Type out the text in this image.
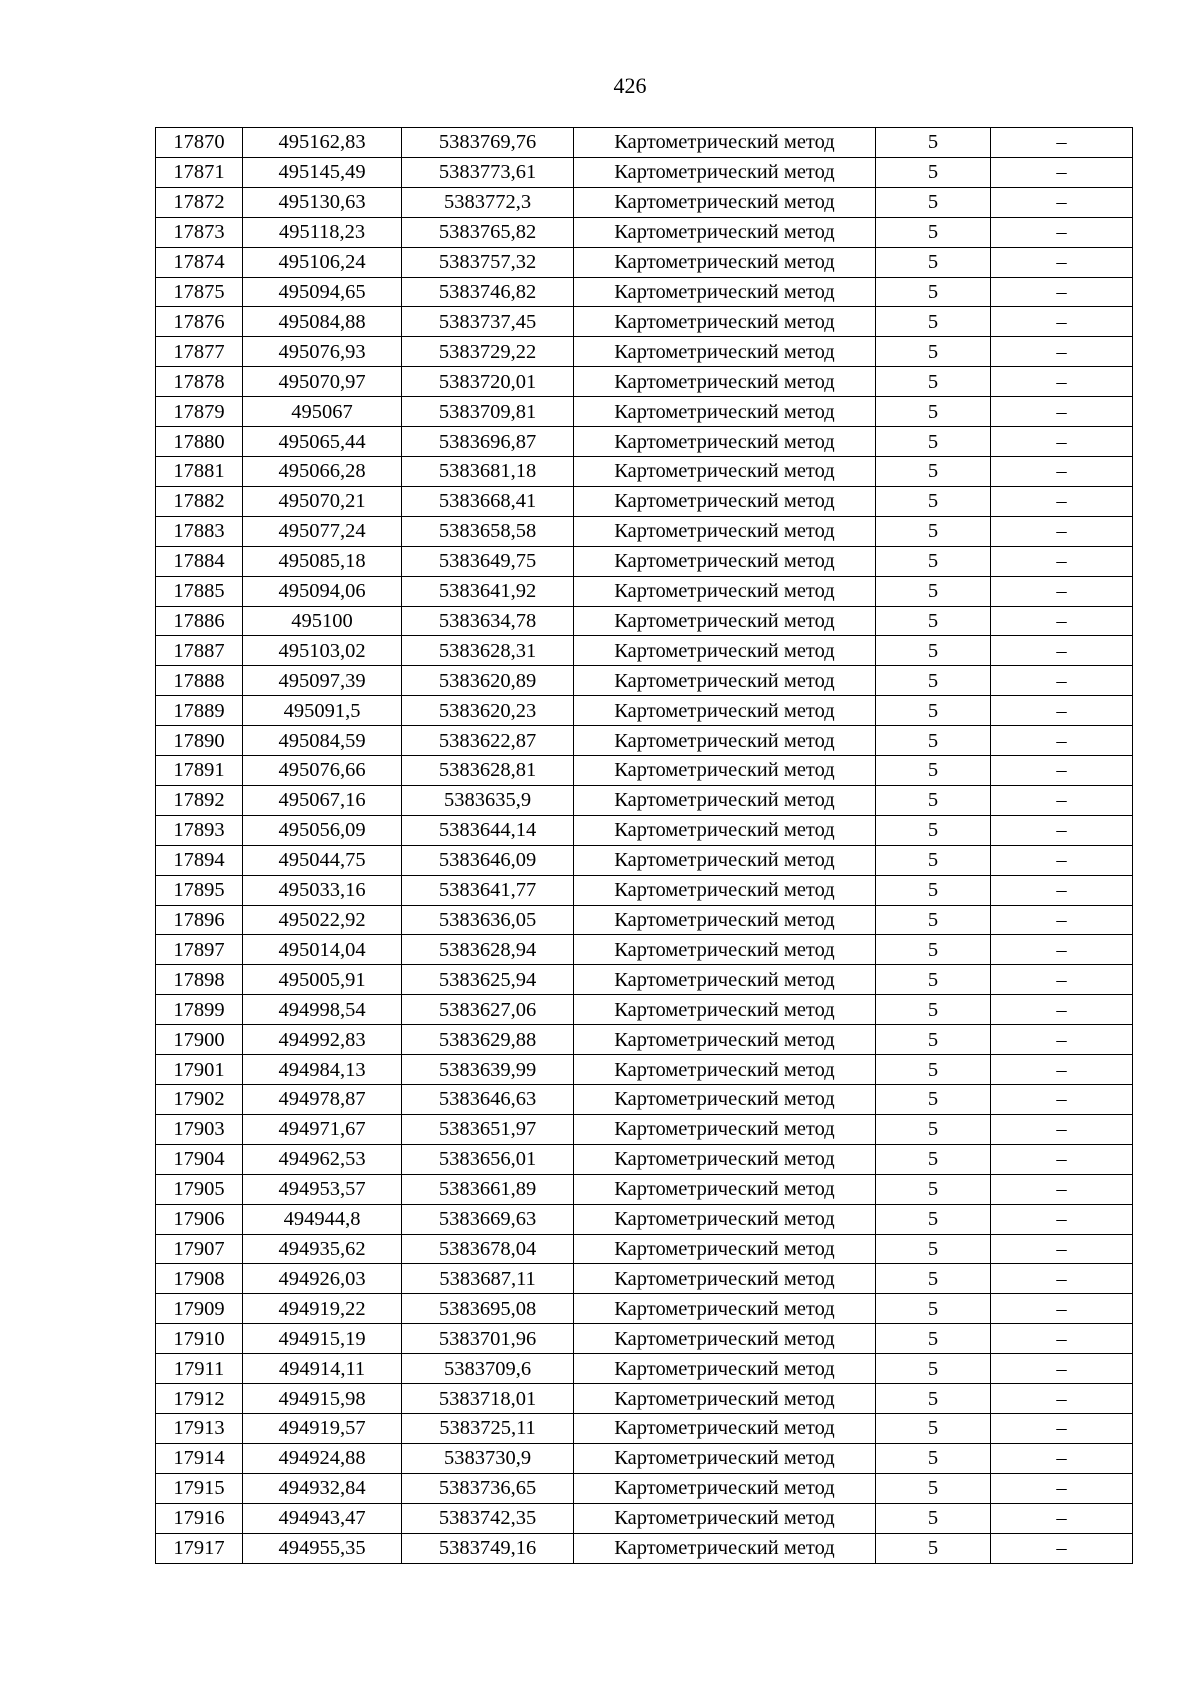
426
17870	495162,83	5383769,76	Картометрический метод	5	–
17871	495145,49	5383773,61	Картометрический метод	5	–
17872	495130,63	5383772,3	Картометрический метод	5	–
17873	495118,23	5383765,82	Картометрический метод	5	–
17874	495106,24	5383757,32	Картометрический метод	5	–
17875	495094,65	5383746,82	Картометрический метод	5	–
17876	495084,88	5383737,45	Картометрический метод	5	–
17877	495076,93	5383729,22	Картометрический метод	5	–
17878	495070,97	5383720,01	Картометрический метод	5	–
17879	495067	5383709,81	Картометрический метод	5	–
17880	495065,44	5383696,87	Картометрический метод	5	–
17881	495066,28	5383681,18	Картометрический метод	5	–
17882	495070,21	5383668,41	Картометрический метод	5	–
17883	495077,24	5383658,58	Картометрический метод	5	–
17884	495085,18	5383649,75	Картометрический метод	5	–
17885	495094,06	5383641,92	Картометрический метод	5	–
17886	495100	5383634,78	Картометрический метод	5	–
17887	495103,02	5383628,31	Картометрический метод	5	–
17888	495097,39	5383620,89	Картометрический метод	5	–
17889	495091,5	5383620,23	Картометрический метод	5	–
17890	495084,59	5383622,87	Картометрический метод	5	–
17891	495076,66	5383628,81	Картометрический метод	5	–
17892	495067,16	5383635,9	Картометрический метод	5	–
17893	495056,09	5383644,14	Картометрический метод	5	–
17894	495044,75	5383646,09	Картометрический метод	5	–
17895	495033,16	5383641,77	Картометрический метод	5	–
17896	495022,92	5383636,05	Картометрический метод	5	–
17897	495014,04	5383628,94	Картометрический метод	5	–
17898	495005,91	5383625,94	Картометрический метод	5	–
17899	494998,54	5383627,06	Картометрический метод	5	–
17900	494992,83	5383629,88	Картометрический метод	5	–
17901	494984,13	5383639,99	Картометрический метод	5	–
17902	494978,87	5383646,63	Картометрический метод	5	–
17903	494971,67	5383651,97	Картометрический метод	5	–
17904	494962,53	5383656,01	Картометрический метод	5	–
17905	494953,57	5383661,89	Картометрический метод	5	–
17906	494944,8	5383669,63	Картометрический метод	5	–
17907	494935,62	5383678,04	Картометрический метод	5	–
17908	494926,03	5383687,11	Картометрический метод	5	–
17909	494919,22	5383695,08	Картометрический метод	5	–
17910	494915,19	5383701,96	Картометрический метод	5	–
17911	494914,11	5383709,6	Картометрический метод	5	–
17912	494915,98	5383718,01	Картометрический метод	5	–
17913	494919,57	5383725,11	Картометрический метод	5	–
17914	494924,88	5383730,9	Картометрический метод	5	–
17915	494932,84	5383736,65	Картометрический метод	5	–
17916	494943,47	5383742,35	Картометрический метод	5	–
17917	494955,35	5383749,16	Картометрический метод	5	–
